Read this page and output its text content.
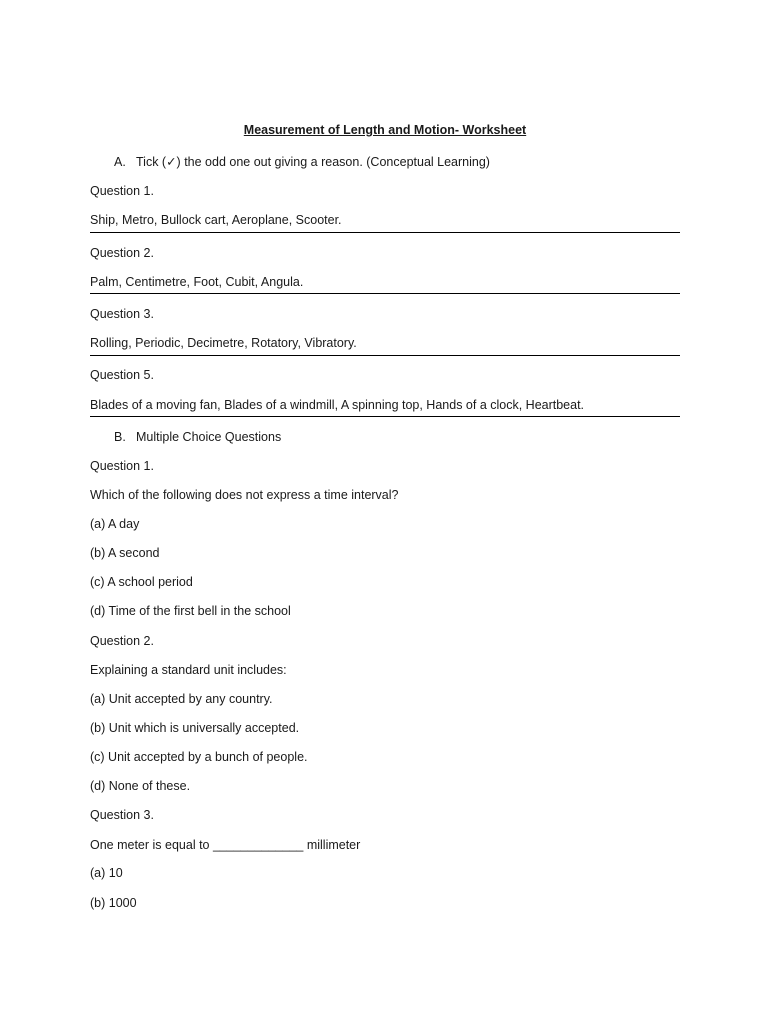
Measurement of Length and Motion- Worksheet
A. Tick (✓) the odd one out giving a reason. (Conceptual Learning)
Question 1.
Ship, Metro, Bullock cart, Aeroplane, Scooter.
Question 2.
Palm, Centimetre, Foot, Cubit, Angula.
Question 3.
Rolling, Periodic, Decimetre, Rotatory, Vibratory.
Question 5.
Blades of a moving fan, Blades of a windmill, A spinning top, Hands of a clock, Heartbeat.
B. Multiple Choice Questions
Question 1.
Which of the following does not express a time interval?
(a) A day
(b) A second
(c) A school period
(d) Time of the first bell in the school
Question 2.
Explaining a standard unit includes:
(a) Unit accepted by any country.
(b) Unit which is universally accepted.
(c) Unit accepted by a bunch of people.
(d) None of these.
Question 3.
One meter is equal to _____________ millimeter
(a) 10
(b) 1000
